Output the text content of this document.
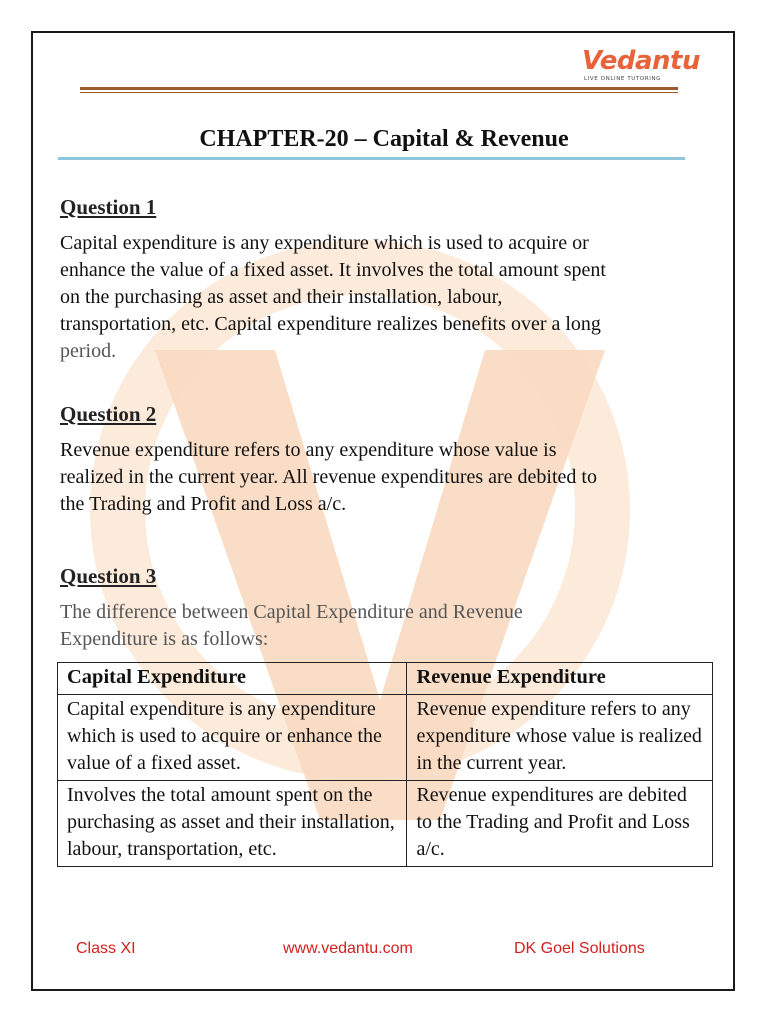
Vedantu
LIVE ONLINE TUTORING
CHAPTER-20 – Capital & Revenue
Question 1
Capital expenditure is any expenditure which is used to acquire or
enhance the value of a fixed asset. It involves the total amount spent
on the purchasing as asset and their installation, labour,
transportation, etc. Capital expenditure realizes benefits over a long
period.
Question 2
Revenue expenditure refers to any expenditure whose value is
realized in the current year. All revenue expenditures are debited to
the Trading and Profit and Loss a/c.
Question 3
The difference between Capital Expenditure and Revenue
Expenditure is as follows:
Capital Expenditure	Revenue Expenditure
Capital expenditure is any expenditure which is used to acquire or enhance the value of a fixed asset.	Revenue expenditure refers to any expenditure whose value is realized in the current year.
Involves the total amount spent on the purchasing as asset and their installation, labour, transportation, etc.	Revenue expenditures are debited to the Trading and Profit and Loss a/c.
Class XI	www.vedantu.com	DK Goel Solutions
